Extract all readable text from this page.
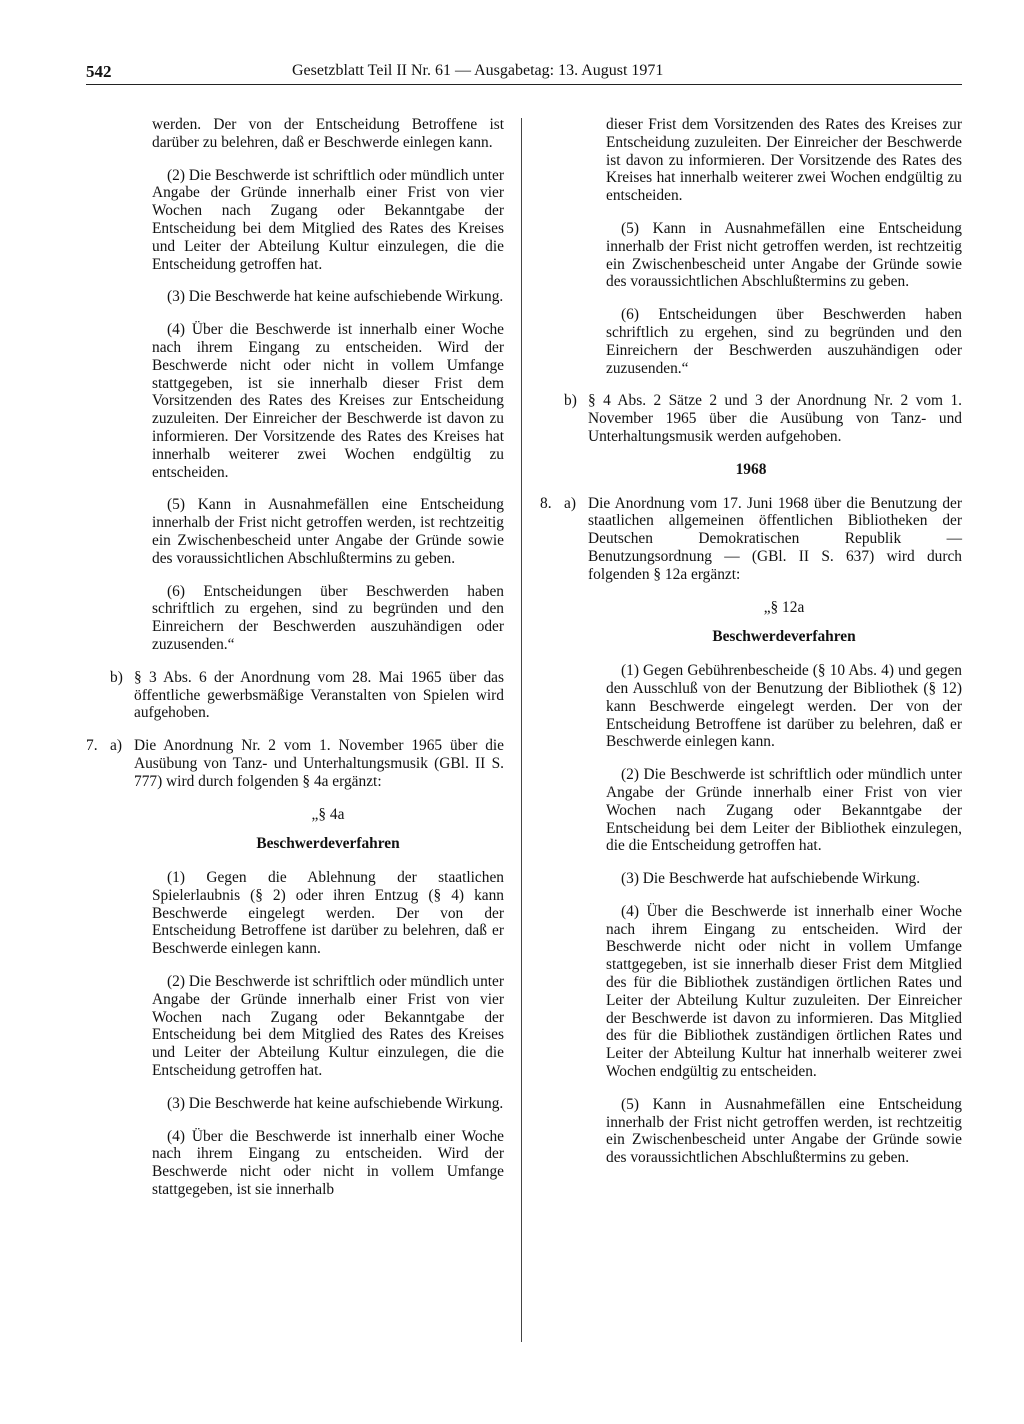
542	Gesetzblatt Teil II Nr. 61 — Ausgabetag: 13. August 1971

werden. Der von der Entscheidung Betroffene ist darüber zu belehren, daß er Beschwerde einlegen kann.

(2) Die Beschwerde ist schriftlich oder mündlich unter Angabe der Gründe innerhalb einer Frist von vier Wochen nach Zugang oder Bekanntgabe der Entscheidung bei dem Mitglied des Rates des Kreises und Leiter der Abteilung Kultur einzulegen, die die Entscheidung getroffen hat.

(3) Die Beschwerde hat keine aufschiebende Wirkung.

(4) Über die Beschwerde ist innerhalb einer Woche nach ihrem Eingang zu entscheiden. Wird der Beschwerde nicht oder nicht in vollem Umfange stattgegeben, ist sie innerhalb dieser Frist dem Vorsitzenden des Rates des Kreises zur Entscheidung zuzuleiten. Der Einreicher der Beschwerde ist davon zu informieren. Der Vorsitzende des Rates des Kreises hat innerhalb weiterer zwei Wochen endgültig zu entscheiden.

(5) Kann in Ausnahmefällen eine Entscheidung innerhalb der Frist nicht getroffen werden, ist rechtzeitig ein Zwischenbescheid unter Angabe der Gründe sowie des voraussichtlichen Abschlußtermins zu geben.

(6) Entscheidungen über Beschwerden haben schriftlich zu ergehen, sind zu begründen und den Einreichern der Beschwerden auszuhändigen oder zuzusenden.“

b) § 3 Abs. 6 der Anordnung vom 28. Mai 1965 über das öffentliche gewerbsmäßige Veranstalten von Spielen wird aufgehoben.
7. a) Die Anordnung Nr. 2 vom 1. November 1965 über die Ausübung von Tanz- und Unterhaltungsmusik (GBl. II S. 777) wird durch folgenden § 4a ergänzt:
„§ 4a
Beschwerdeverfahren

(1) Gegen die Ablehnung der staatlichen Spielerlaubnis (§ 2) oder ihren Entzug (§ 4) kann Beschwerde eingelegt werden. Der von der Entscheidung Betroffene ist darüber zu belehren, daß er Beschwerde einlegen kann.

(2) Die Beschwerde ist schriftlich oder mündlich unter Angabe der Gründe innerhalb einer Frist von vier Wochen nach Zugang oder Bekanntgabe der Entscheidung bei dem Mitglied des Rates des Kreises und Leiter der Abteilung Kultur einzulegen, die die Entscheidung getroffen hat.

(3) Die Beschwerde hat keine aufschiebende Wirkung.

(4) Über die Beschwerde ist innerhalb einer Woche nach ihrem Eingang zu entscheiden. Wird der Beschwerde nicht oder nicht in vollem Umfange stattgegeben, ist sie innerhalb

dieser Frist dem Vorsitzenden des Rates des Kreises zur Entscheidung zuzuleiten. Der Einreicher der Beschwerde ist davon zu informieren. Der Vorsitzende des Rates des Kreises hat innerhalb weiterer zwei Wochen endgültig zu entscheiden.

(5) Kann in Ausnahmefällen eine Entscheidung innerhalb der Frist nicht getroffen werden, ist rechtzeitig ein Zwischenbescheid unter Angabe der Gründe sowie des voraussichtlichen Abschlußtermins zu geben.

(6) Entscheidungen über Beschwerden haben schriftlich zu ergehen, sind zu begründen und den Einreichern der Beschwerden auszuhändigen oder zuzusenden.“

b) § 4 Abs. 2 Sätze 2 und 3 der Anordnung Nr. 2 vom 1. November 1965 über die Ausübung von Tanz- und Unterhaltungsmusik werden aufgehoben.
1968
8. a) Die Anordnung vom 17. Juni 1968 über die Benutzung der staatlichen allgemeinen öffentlichen Bibliotheken der Deutschen Demokratischen Republik — Benutzungsordnung — (GBl. II S. 637) wird durch folgenden § 12a ergänzt:
„§ 12a
Beschwerdeverfahren

(1) Gegen Gebührenbescheide (§ 10 Abs. 4) und gegen den Ausschluß von der Benutzung der Bibliothek (§ 12) kann Beschwerde eingelegt werden. Der von der Entscheidung Betroffene ist darüber zu belehren, daß er Beschwerde einlegen kann.

(2) Die Beschwerde ist schriftlich oder mündlich unter Angabe der Gründe innerhalb einer Frist von vier Wochen nach Zugang oder Bekanntgabe der Entscheidung bei dem Leiter der Bibliothek einzulegen, die die Entscheidung getroffen hat.

(3) Die Beschwerde hat aufschiebende Wirkung.

(4) Über die Beschwerde ist innerhalb einer Woche nach ihrem Eingang zu entscheiden. Wird der Beschwerde nicht oder nicht in vollem Umfange stattgegeben, ist sie innerhalb dieser Frist dem Mitglied des für die Bibliothek zuständigen örtlichen Rates und Leiter der Abteilung Kultur zuzuleiten. Der Einreicher der Beschwerde ist davon zu informieren. Das Mitglied des für die Bibliothek zuständigen örtlichen Rates und Leiter der Abteilung Kultur hat innerhalb weiterer zwei Wochen endgültig zu entscheiden.

(5) Kann in Ausnahmefällen eine Entscheidung innerhalb der Frist nicht getroffen werden, ist rechtzeitig ein Zwischenbescheid unter Angabe der Gründe sowie des voraussichtlichen Abschlußtermins zu geben.
